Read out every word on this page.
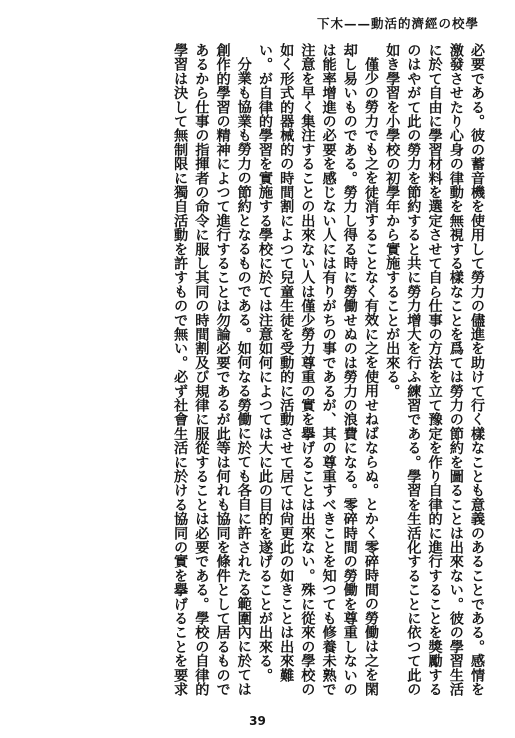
學校の經濟的活動——木下

必要である。彼の蓄音機を使用して勞力の儘進を助けて行く樣なことも意義のあることである。感情を激發させたり心身の律動を無視する樣なことを爲ては勞力の節約を圖ることは出來ない。彼の學習生活に於て自由に學習材料を選定させて自ら仕事の方法を立て豫定を作り自律的に進行することを獎勵するのはやがて此の勞力を節約すると共に勞力增大を行ふ練習である。學習を生活化することに依つて此の如き學習を小學校の初學年から實施することが出來る。

僅少の勞力でも之を徒消することなく有效に之を使用せねばならぬ。とかく零碎時間の勞働は之を閑却し易いものである。勞力し得る時に勞働せぬのは勞力の浪費になる。零碎時間の勞働を尊重しないのは能率增進の必要を感じない人には有りがちの事であるが、其の尊重すべきことを知つても修養未熟で注意を早く集注することの出來ない人は僅少勞力尊重の實を擧げることは出來ない。殊に從來の學校の如く形式的器械的の時間割によつて兒童生徒を受動的に活動させて居ては尙更此の如きことは出來難い。が自律的學習を實施する學校に於ては注意如何によつては大に此の目的を遂げることが出來る。

分業も協業も勞力の節約となるものである。如何なる勞働に於ても各自に許されたる範圍內に於ては創作的學習の精神によつて進行することは勿論必要であるが此等は何れも協同を條件として居るものであるから仕事の指揮者の命令に服し其同の時間割及び規律に服從することは必要である。學校の自律的學習は決して無制限に獨自活動を許すもので無い。必ず社會生活に於ける協同の實を擧げることを要求

39
